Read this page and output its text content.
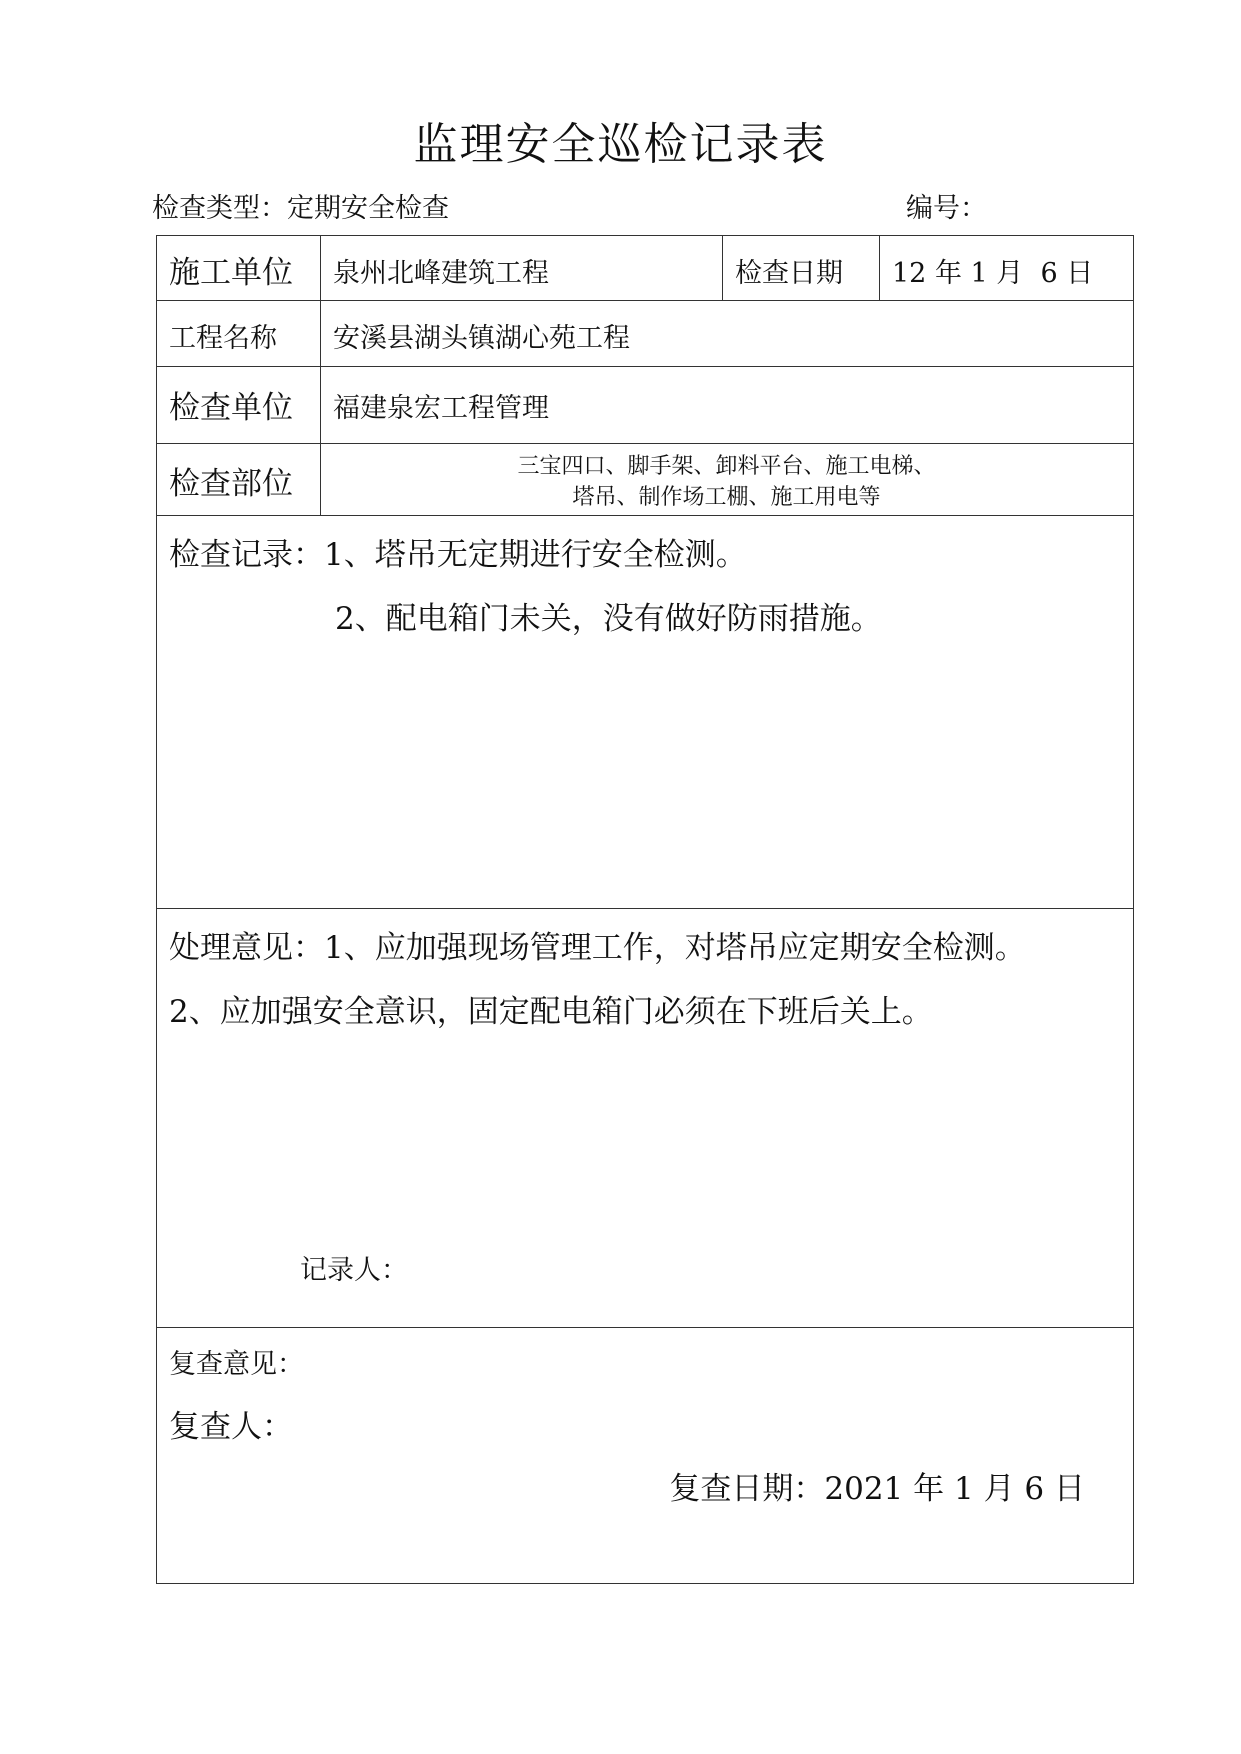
监理安全巡检记录表
检查类型：定期安全检查	编号：
施工单位 泉州北峰建筑工程	检查日期 12 年 1 月  6 日
工程名称 安溪县湖头镇湖心苑工程
检查单位 福建泉宏工程管理
检查部位	三宝四口、脚手架、卸料平台、施工电梯、
塔吊、制作场工棚、施工用电等
检查记录：1、塔吊无定期进行安全检测。
2、配电箱门未关，没有做好防雨措施。
处理意见：1、应加强现场管理工作，对塔吊应定期安全检测。
2、应加强安全意识，固定配电箱门必须在下班后关上。
记录人：
复查意见：
复查人：
复查日期：2021 年 1 月 6 日
